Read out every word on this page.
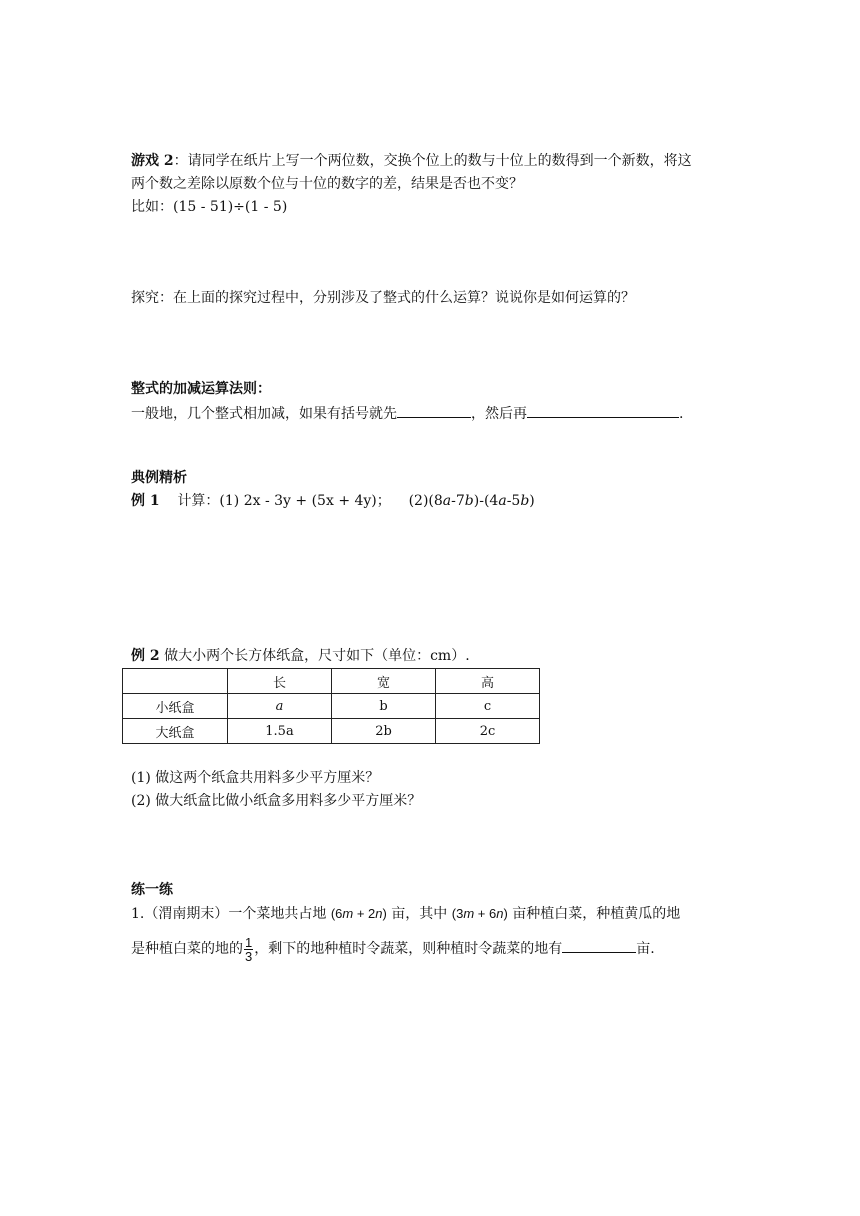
游戏 2：请同学在纸片上写一个两位数，交换个位上的数与十位上的数得到一个新数，将这
两个数之差除以原数个位与十位的数字的差，结果是否也不变？
比如：(15 - 51)÷(1 - 5)
探究：在上面的探究过程中，分别涉及了整式的什么运算？说说你是如何运算的？
整式的加减运算法则：
一般地，几个整式相加减，如果有括号就先	，然后再	.
典例精析
例 1 计算：(1) 2x - 3y + (5x + 4y)； (2)(8a-7b)-(4a-5b)
例 2 做大小两个长方体纸盒，尺寸如下（单位：cm）.
	长	宽	高
小纸盒	a	b	c
大纸盒	1.5a	2b	2c
(1) 做这两个纸盒共用料多少平方厘米？
(2) 做大纸盒比做小纸盒多用料多少平方厘米？
练一练
1.（渭南期末）一个菜地共占地 (6m + 2n) 亩，其中 (3m + 6n) 亩种植白菜，种植黄瓜的地
是种植白菜的地的 $\frac{1}{3}$ ，剩下的地种植时令蔬菜，则种植时令蔬菜的地有	亩.
